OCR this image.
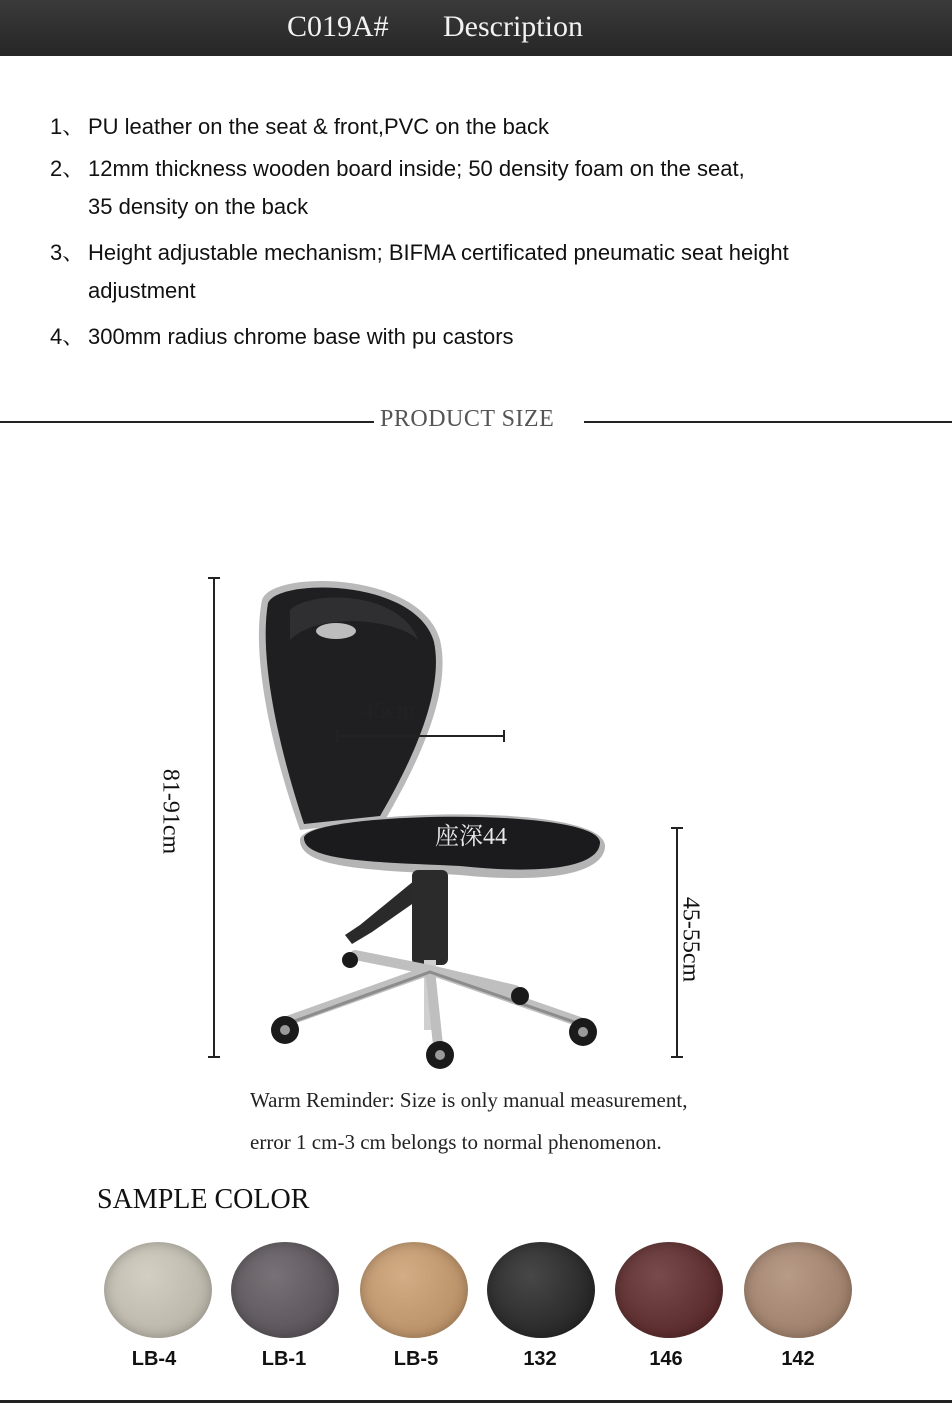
C019A# Description
1、 PU leather on the seat & front,PVC on the back
2、 12mm thickness wooden board inside; 50 density foam on the seat,
35 density on the back
3、 Height adjustable mechanism; BIFMA certificated pneumatic seat height
adjustment
4、 300mm radius chrome base with pu castors
PRODUCT SIZE
45cm
座深44
81-91cm
45-55cm
Warm Reminder: Size is only manual measurement,
error 1 cm-3 cm belongs to normal phenomenon.
SAMPLE COLOR
LB-4	LB-1	LB-5	132	146	142
